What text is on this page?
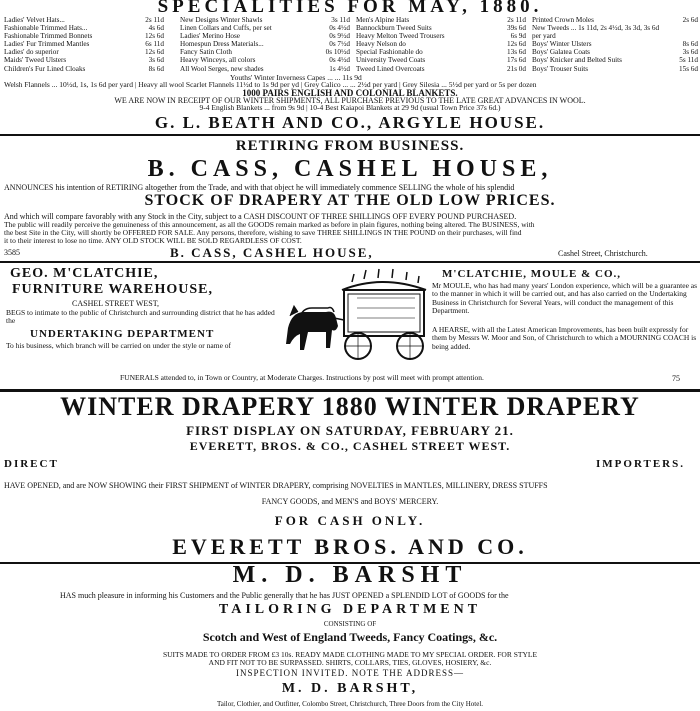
SPECIALITIES FOR MAY, 1880.
Ladies' Velvet Hats...	2s 11d
Fashionable Trimmed Hats...	4s 6d
Fashionable Trimmed Bonnets	12s 6d
Ladies' Fur Trimmed Mantles	6s 11d
Ladies' do superior	12s 6d
Maids' Tweed Ulsters	3s 6d
Children's Fur Lined Cloaks	8s 6d
New Designs Winter Shawls	3s 11d
Linen Collars and Cuffs, per set	0s 4½d
Ladies' Merino Hose	0s 9½d
Homespun Dress Materials...	0s 7½d
Fancy Satin Cloth	0s 10½d
Heavy Winceys, all colors	0s 4½d
All Wool Serges, new shades	1s 4½d
Men's Alpine Hats	2s 11d
Bannockburn Tweed Suits	39s 6d
Heavy Melton Tweed Trousers	6s 9d
Heavy Nelson do	12s 6d
Special Fashionable do	13s 6d
University Tweed Coats	17s 6d
Tweed Lined Overcoats	21s 0d
Printed Crown Moles	2s 6d
New Tweeds ... 1s 11d, 2s 4½d, 3s 3d, 3s 6d
per yard
Boys' Winter Ulsters	8s 6d
Boys' Galatea Coats	3s 6d
Boys' Knicker and Belted Suits	5s 11d
Boys' Trouser Suits	15s 6d
Youths' Winter Inverness Capes ... ... 11s 9d
Welsh Flannels ... 10½d, 1s, 1s 6d per yard | Heavy all wool Scarlet Flannels 11½d to 1s 9d per yd | Grey Calico ... ... 2½d per yard | Grey Silesia ... 5½d per yard or 5s per dozen
1000 PAIRS ENGLISH AND COLONIAL BLANKETS.
WE ARE NOW IN RECEIPT OF OUR WINTER SHIPMENTS, ALL PURCHASE PREVIOUS TO THE LATE GREAT ADVANCES IN WOOL.
9-4 English Blankets ... from 9s 9d | 10-4 Best Kaiapoi Blankets at 29 9d (usual Town Price 37s 6d.)
G. L. BEATH AND CO., ARGYLE HOUSE.
RETIRING FROM BUSINESS.
B. CASS, CASHEL HOUSE,
ANNOUNCES his intention of RETIRING altogether from the Trade, and with that object he will immediately commence SELLING the whole of his splendid
STOCK OF DRAPERY AT THE OLD LOW PRICES.
And which will compare favorably with any Stock in the City, subject to a CASH DISCOUNT OF THREE SHILLINGS OFF EVERY POUND PURCHASED.
The public will readily perceive the genuineness of this announcement, as all the GOODS remain marked as before in plain figures, nothing being altered. The BUSINESS, with
the best Site in the City, will shortly be OFFERED FOR SALE. Any persons, therefore, wishing to save THREE SHILLINGS IN THE POUND on their purchases, will find
it to their interest to lose no time. ANY OLD STOCK WILL BE SOLD REGARDLESS OF COST.
3585	B. CASS, CASHEL HOUSE,	Cashel Street, Christchurch.
GEO. M'CLATCHIE,
FURNITURE WAREHOUSE,
CASHEL STREET WEST,
BEGS to intimate to the public of Christchurch and surrounding district that he has added the
UNDERTAKING DEPARTMENT
To his business, which branch will be carried on under the style or name of
M'CLATCHIE, MOULE & CO.,
Mr MOULE, who has had many years' London experience, which will be a guarantee as to the manner in which it will be carried out, and has also carried on the Undertaking Business in Christchurch for Several Years, will conduct the management of this Department.
A HEARSE, with all the Latest American Improvements, has been built expressly for them by Messrs W. Moor and Son, of Christchurch to which a MOURNING COACH is being added.
FUNERALS attended to, in Town or Country, at Moderate Charges. Instructions by post will meet with prompt attention.	75
WINTER DRAPERY 1880 WINTER DRAPERY
FIRST DISPLAY ON SATURDAY, FEBRUARY 21.
EVERETT, BROS. & CO., CASHEL STREET WEST.
DIRECT	IMPORTERS.
HAVE OPENED, and are NOW SHOWING their FIRST SHIPMENT of WINTER DRAPERY, comprising NOVELTIES in MANTLES, MILLINERY, DRESS STUFFS
FANCY GOODS, and MEN'S and BOYS' MERCERY.
FOR CASH ONLY.
EVERETT BROS. AND CO.
M. D. BARSHT
HAS much pleasure in informing his Customers and the Public generally that he has JUST OPENED a SPLENDID LOT of GOODS for the
TAILORING DEPARTMENT
CONSISTING OF
Scotch and West of England Tweeds, Fancy Coatings, &c.
SUITS MADE TO ORDER FROM £3 10s. READY MADE CLOTHING MADE TO MY SPECIAL ORDER. FOR STYLE
AND FIT NOT TO BE SURPASSED. SHIRTS, COLLARS, TIES, GLOVES, HOSIERY, &c.
INSPECTION INVITED. NOTE THE ADDRESS—
M. D. BARSHT,
Tailor, Clothier, and Outfitter, Colombo Street, Christchurch, Three Doors from the City Hotel.
